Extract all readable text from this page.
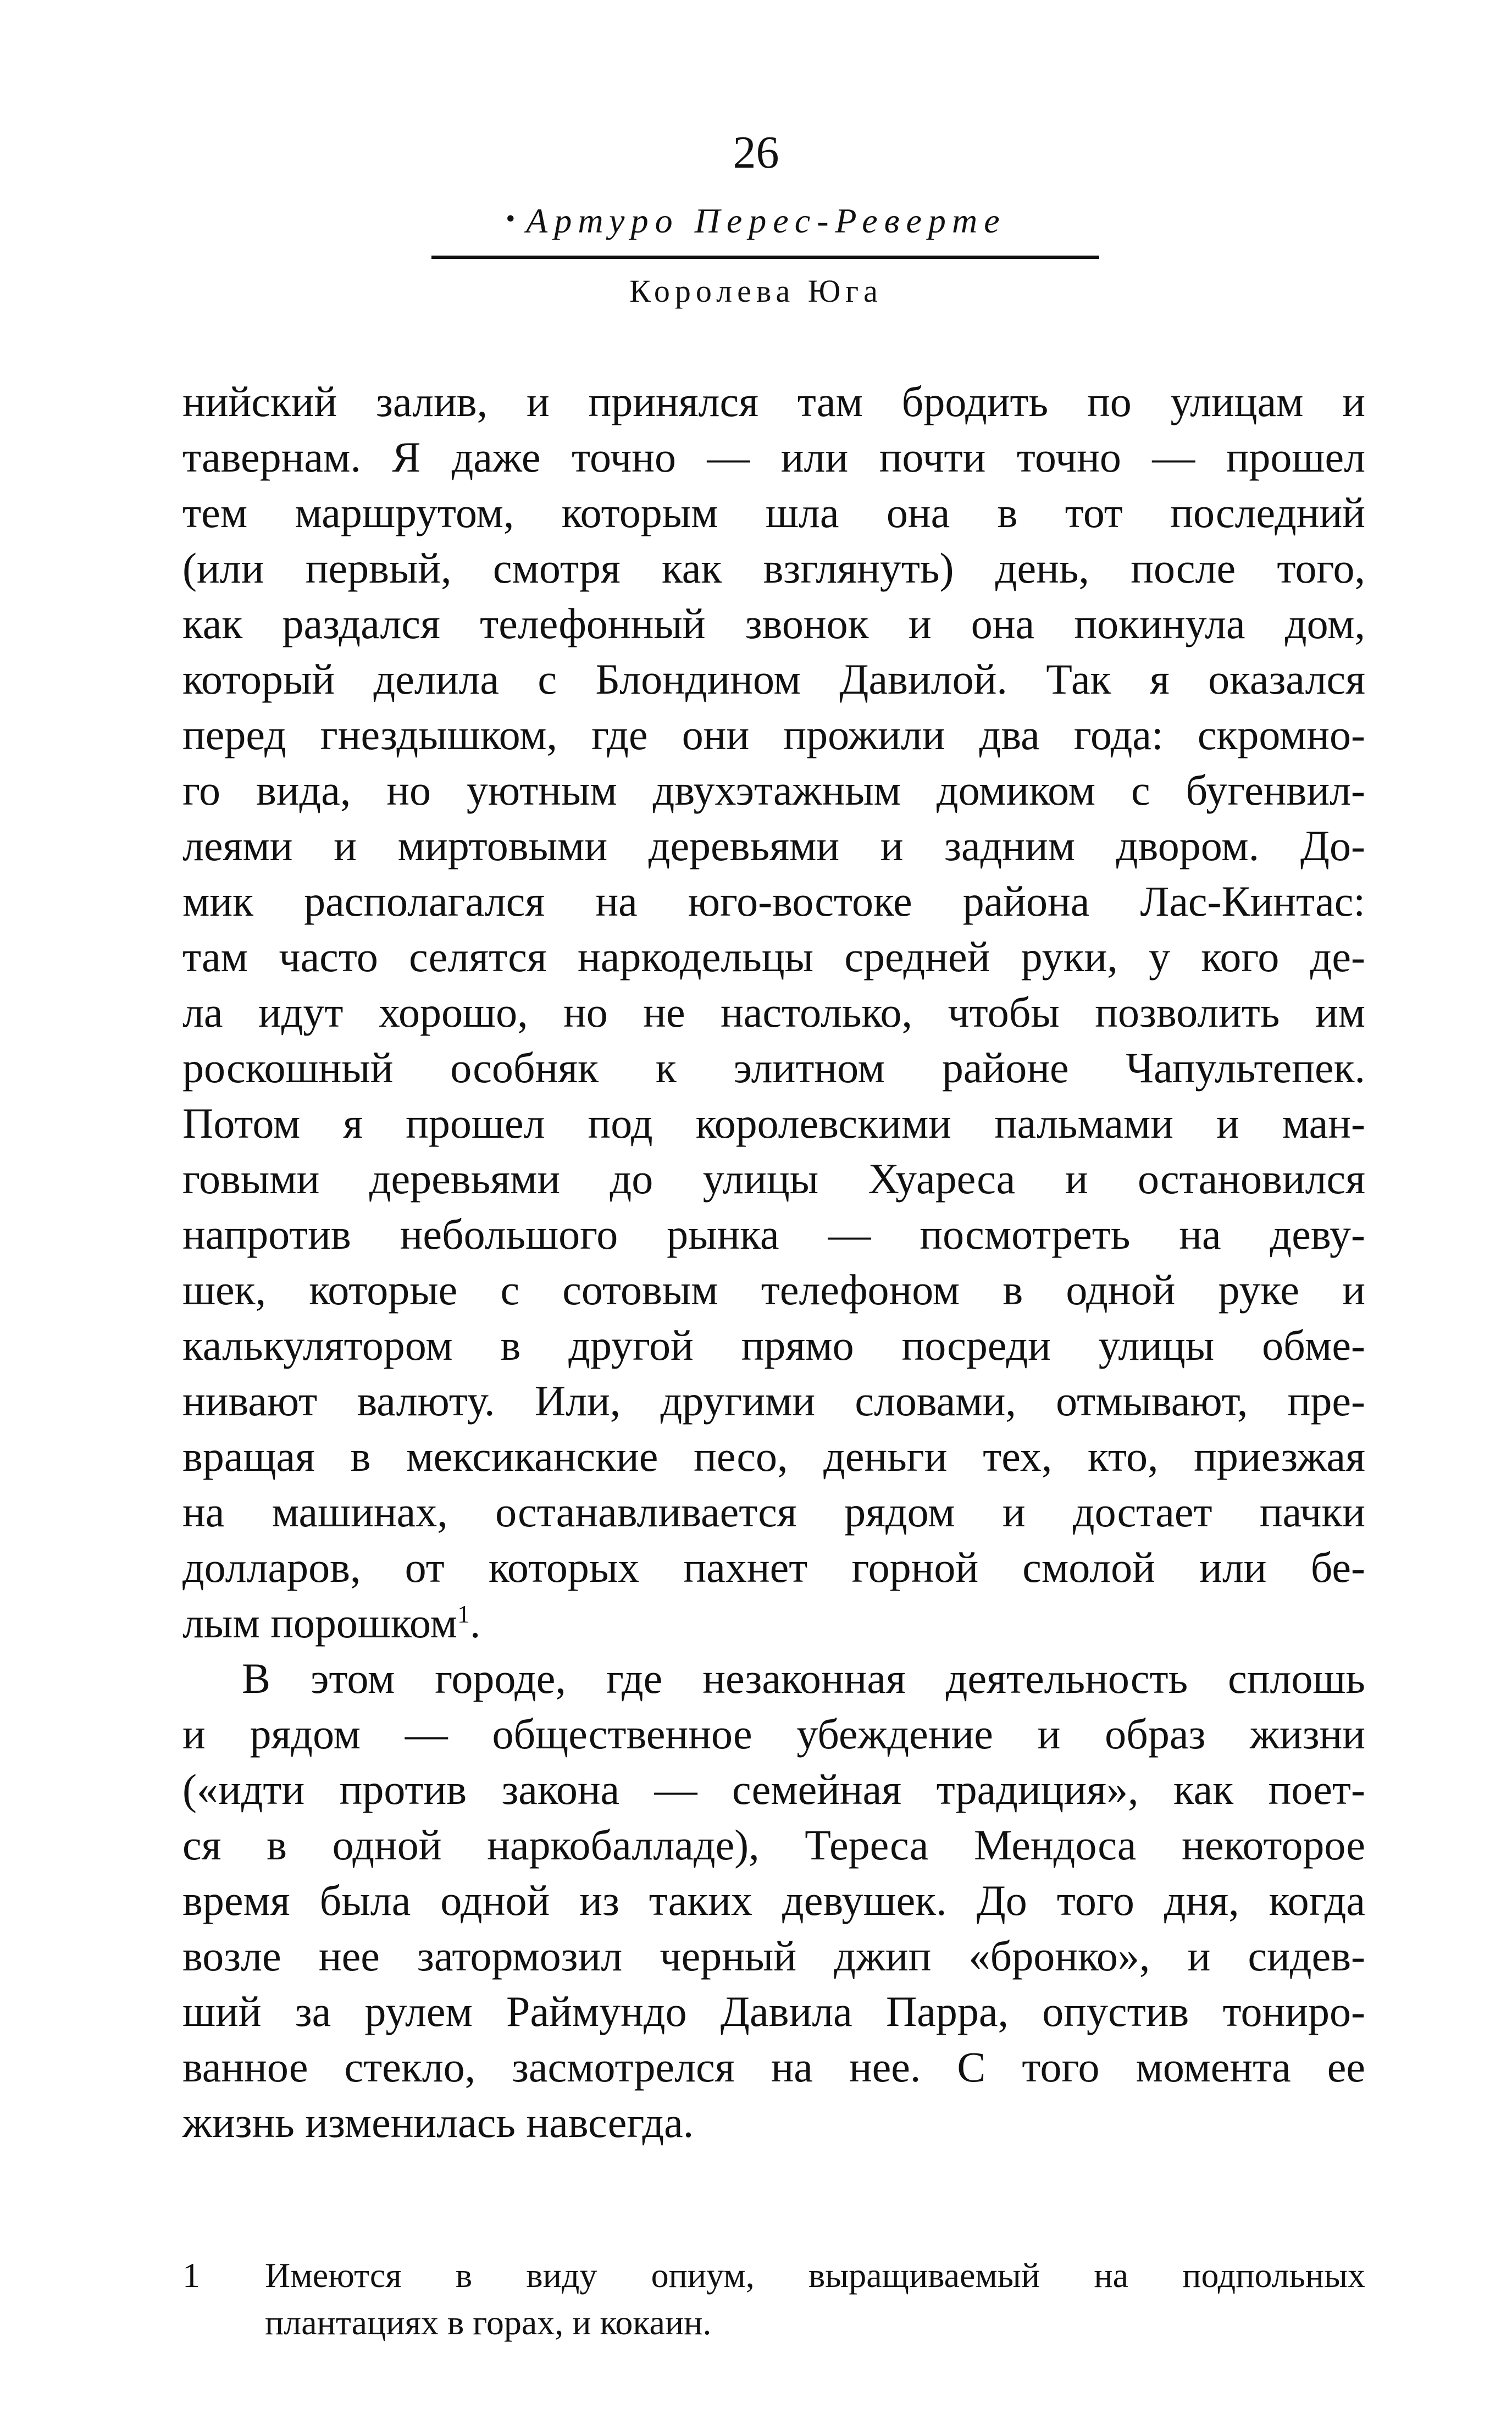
26
• Артуро Перес-Реверте
Королева Юга
нийский залив, и принялся там бродить по улицам и
тавернам. Я даже точно — или почти точно — прошел
тем маршрутом, которым шла она в тот последний
(или первый, смотря как взглянуть) день, после того,
как раздался телефонный звонок и она покинула дом,
который делила с Блондином Давилой. Так я оказался
перед гнездышком, где они прожили два года: скромно-
го вида, но уютным двухэтажным домиком с бугенвил-
леями и миртовыми деревьями и задним двором. До-
мик располагался на юго-востоке района Лас-Кинтас:
там часто селятся наркодельцы средней руки, у кого де-
ла идут хорошо, но не настолько, чтобы позволить им
роскошный особняк к элитном районе Чапультепек.
Потом я прошел под королевскими пальмами и ман-
говыми деревьями до улицы Хуареса и остановился
напротив небольшого рынка — посмотреть на деву-
шек, которые с сотовым телефоном в одной руке и
калькулятором в другой прямо посреди улицы обме-
нивают валюту. Или, другими словами, отмывают, пре-
вращая в мексиканские песо, деньги тех, кто, приезжая
на машинах, останавливается рядом и достает пачки
долларов, от которых пахнет горной смолой или бе-
лым порошком$^1$.
В этом городе, где незаконная деятельность сплошь
и рядом — общественное убеждение и образ жизни
(«идти против закона — семейная традиция», как поет-
ся в одной наркобалладе), Тереса Мендоса некоторое
время была одной из таких девушек. До того дня, когда
возле нее затормозил черный джип «бронко», и сидев-
ший за рулем Раймундо Давила Парра, опустив тониро-
ванное стекло, засмотрелся на нее. С того момента ее
жизнь изменилась навсегда.
1 Имеются в виду опиум, выращиваемый на подпольных
плантациях в горах, и кокаин.
